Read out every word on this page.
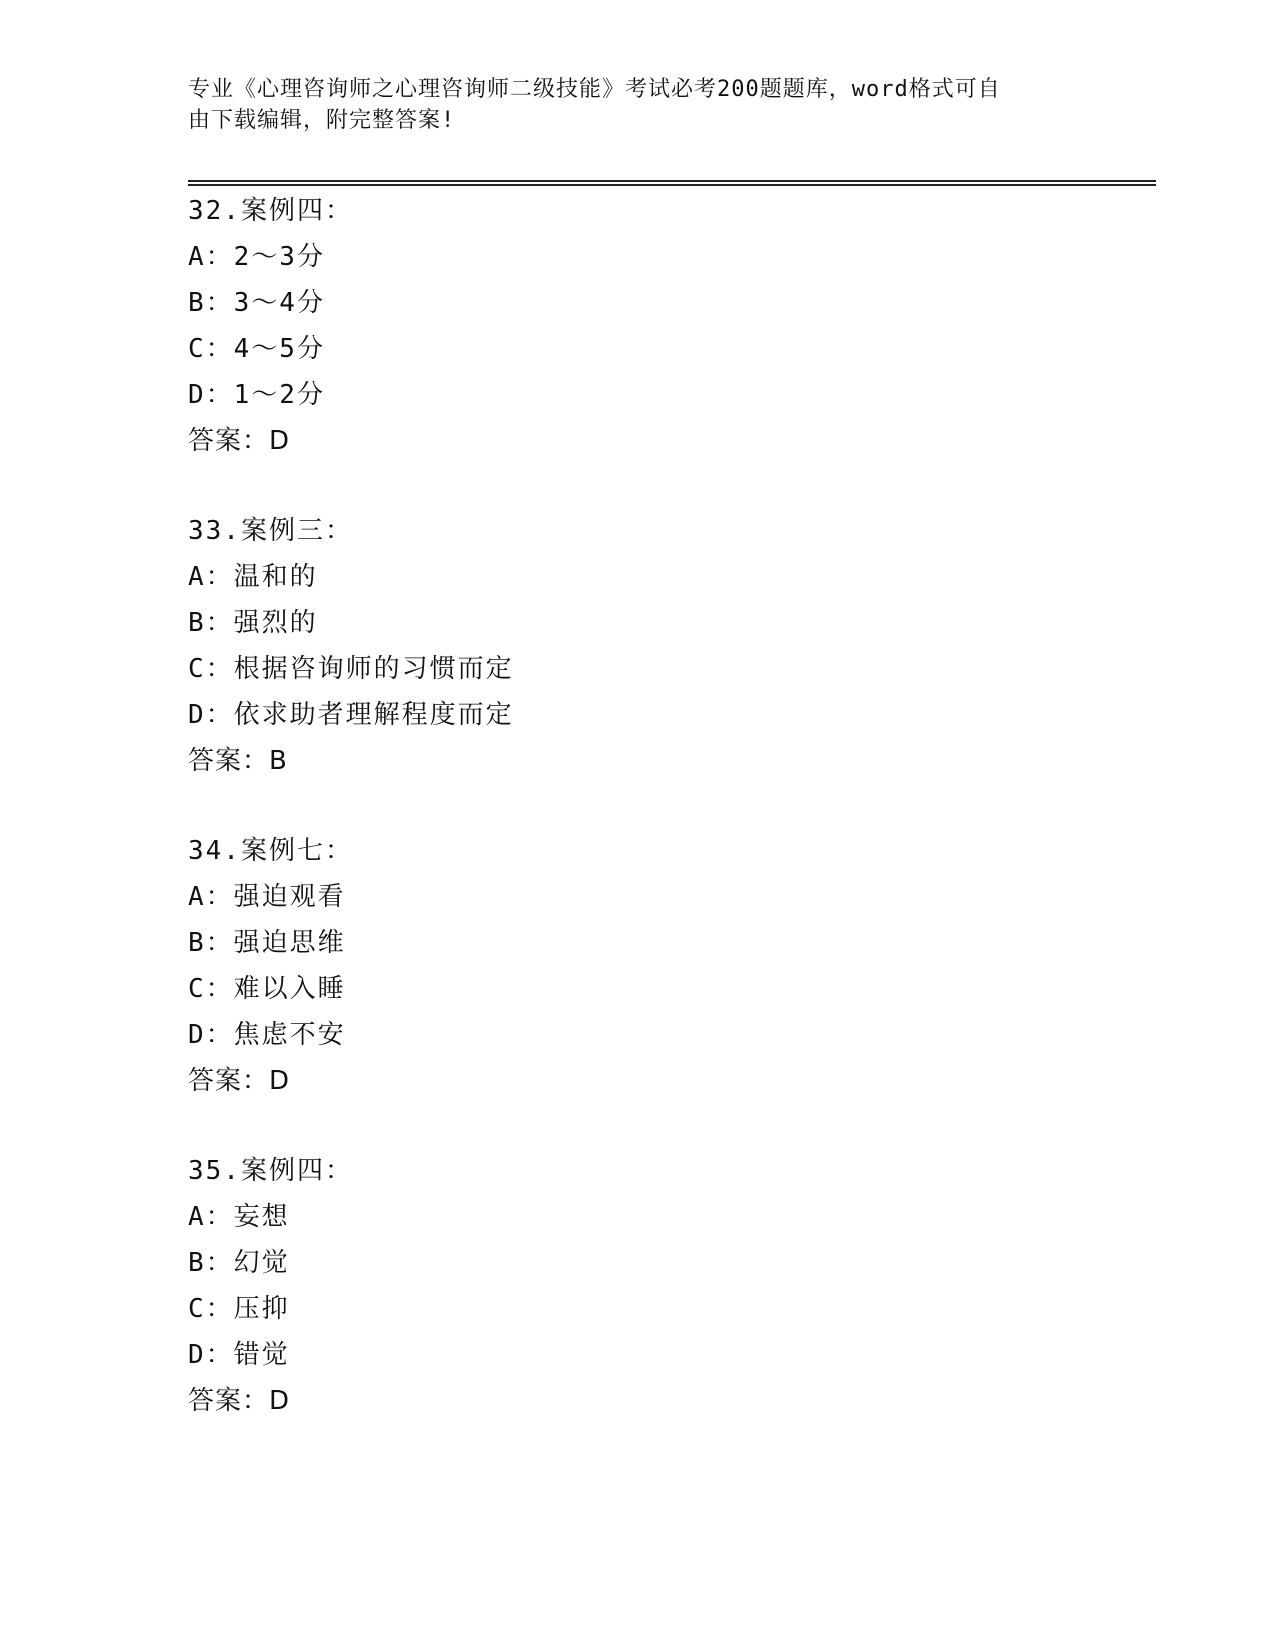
专业《心理咨询师之心理咨询师二级技能》考试必考200题题库，word格式可自
由下载编辑，附完整答案!
32.案例四：
A：2～3分
B：3～4分
C：4～5分
D：1～2分
答案：D
33.案例三：
A：温和的
B：强烈的
C：根据咨询师的习惯而定
D：依求助者理解程度而定
答案：B
34.案例七：
A：强迫观看
B：强迫思维
C：难以入睡
D：焦虑不安
答案：D
35.案例四：
A：妄想
B：幻觉
C：压抑
D：错觉
答案：D
